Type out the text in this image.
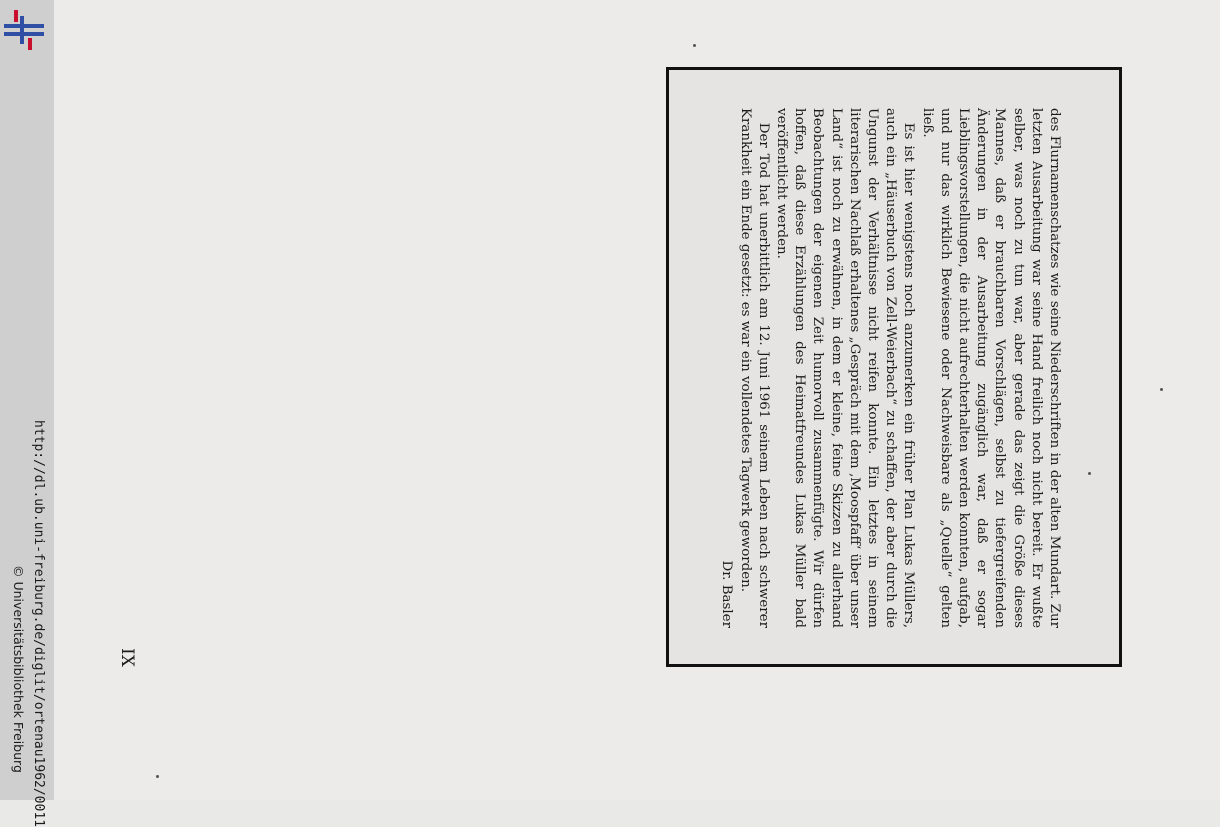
http://dl.ub.uni-freiburg.de/diglit/ortenau1962/0011
© Universitätsbibliothek Freiburg	IX

des Flurnamenschatzes wie seine Niederschriften in der alten Mundart. Zur letzten Ausarbeitung war seine Hand freilich noch nicht bereit. Er wußte selber, was noch zu tun war, aber gerade das zeigt die Größe dieses Mannes, daß er brauchbaren Vorschlägen, selbst zu tiefergreifenden Änderungen in der Ausarbeitung zugänglich war, daß er sogar Lieblingsvorstellungen, die nicht aufrechterhalten werden konnten, aufgab, und nur das wirklich Bewiesene oder Nachweisbare als „Quelle“ gelten ließ.

Es ist hier wenigstens noch anzumerken ein früher Plan Lukas Müllers, auch ein „Häuserbuch von Zell-Weierbach“ zu schaffen, der aber durch die Ungunst der Verhältnisse nicht reifen konnte. Ein letztes in seinem literarischen Nachlaß erhaltenes „Gespräch mit dem ‚Moospfaff‘ über unser Land“ ist noch zu erwähnen, in dem er kleine, feine Skizzen zu allerhand Beobachtungen der eigenen Zeit humorvoll zusammenfügte. Wir dürfen hoffen, daß diese Erzählungen des Heimatfreundes Lukas Müller bald veröffentlicht werden.

Der Tod hat unerbittlich am 12. Juni 1961 seinem Leben nach schwerer Krankheit ein Ende gesetzt: es war ein vollendetes Tagwerk geworden.

Dr. Basler
